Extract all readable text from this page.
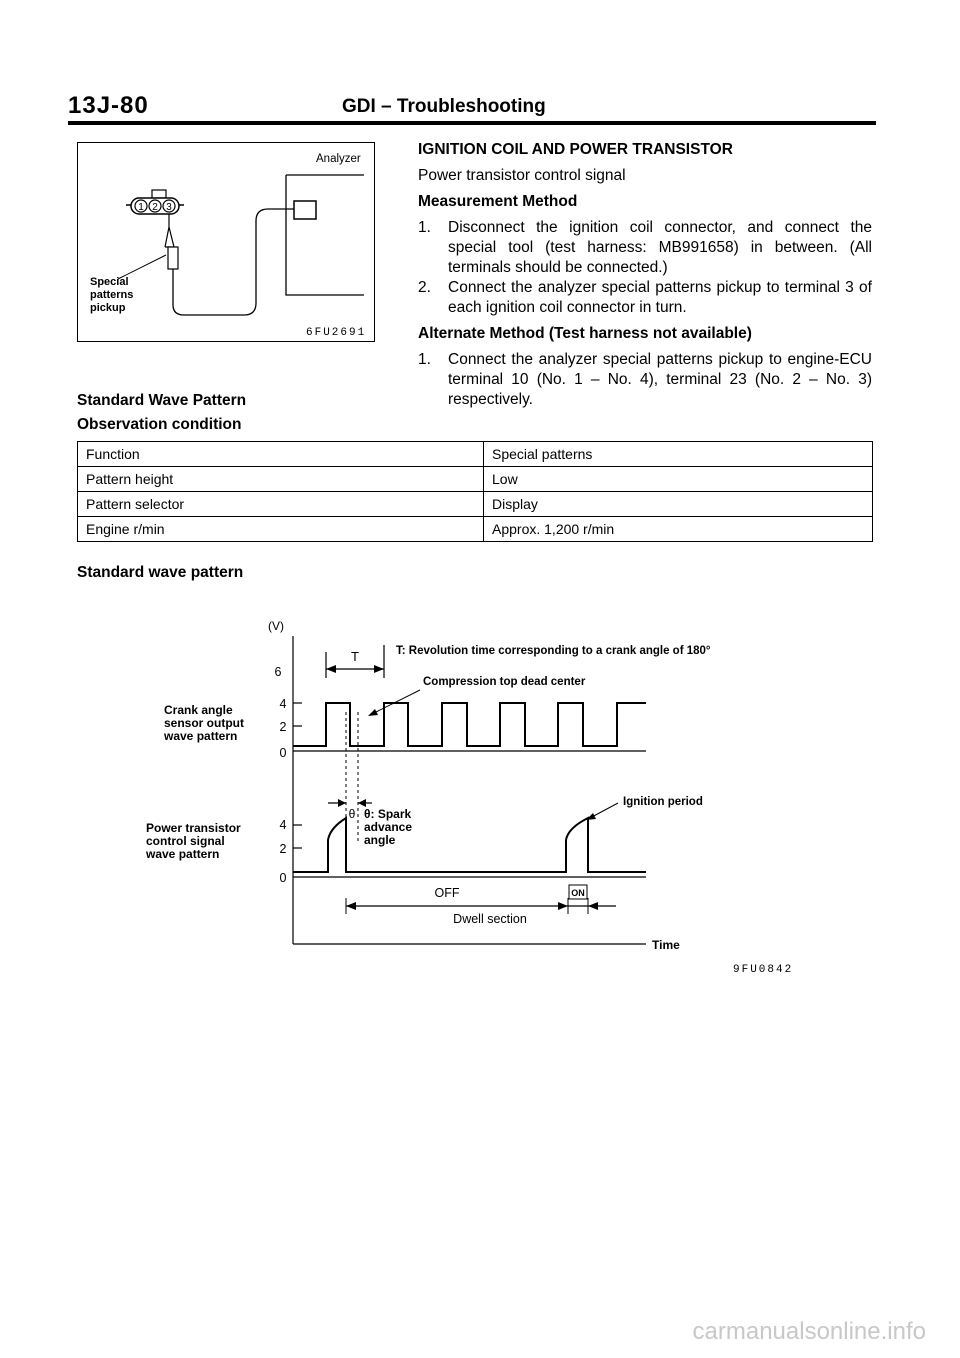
13J-80	GDI – Troubleshooting
Analyzer
1 2 3
Special
patterns
pickup
6FU2691

IGNITION COIL AND POWER TRANSISTOR

Power transistor control signal

Measurement Method

1. Disconnect the ignition coil connector, and connect the special tool (test harness: MB991658) in between. (All terminals should be connected.)
2. Connect the analyzer special patterns pickup to terminal 3 of each ignition coil connector in turn.

Alternate Method (Test harness not available)

1. Connect the analyzer special patterns pickup to engine-ECU terminal 10 (No. 1 – No. 4), terminal 23 (No. 2 – No. 3) respectively.
Standard Wave Pattern
Observation condition
Function	Special patterns
Pattern height	Low
Pattern selector	Display
Engine r/min	Approx. 1,200 r/min
Standard wave pattern
(V)
Time
6
4
2
0
Crank angle
sensor output
wave pattern
T	T: Revolution time corresponding to a crank angle of 180°
Compression top dead center
θ θ: Spark
advance
angle
Ignition period
4
2
0
Power transistor
control signal
wave pattern
OFF	ON
Dwell section
9FU0842
carmanualsonline.info
